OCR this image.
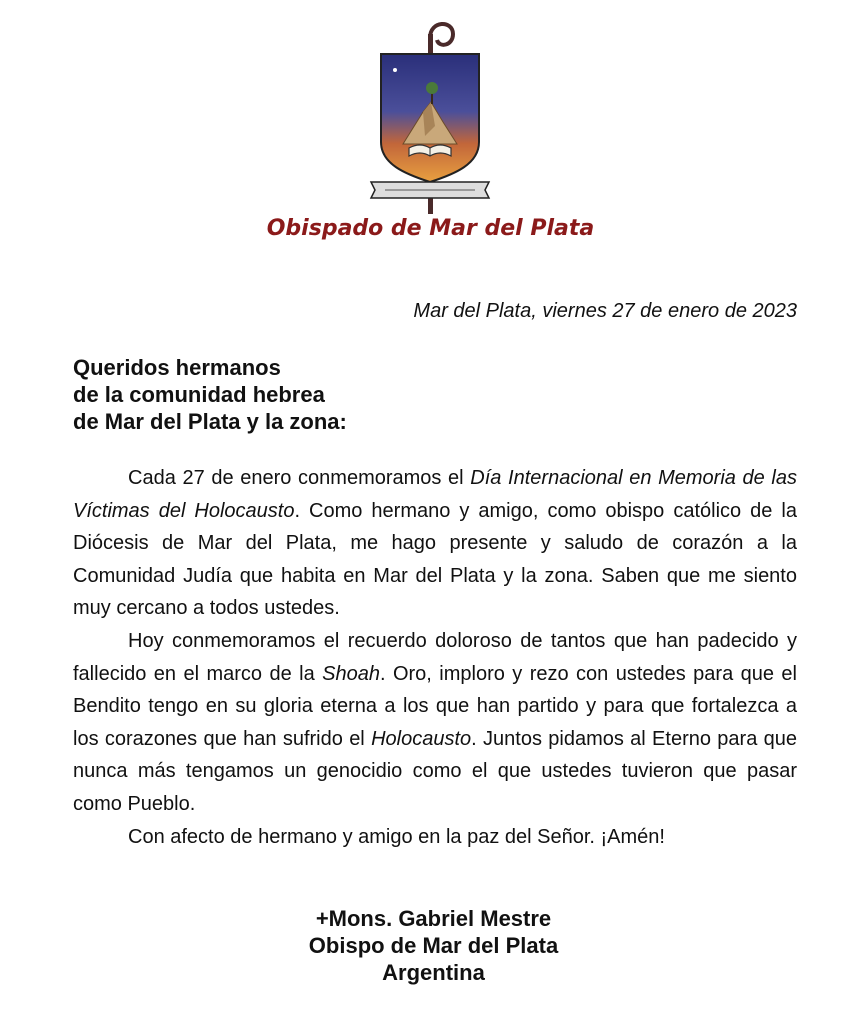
Obispado de Mar del Plata
Mar del Plata, viernes 27 de enero de 2023
Queridos hermanos
de la comunidad hebrea
de Mar del Plata y la zona:

Cada 27 de enero conmemoramos el Día Internacional en Memoria de las Víctimas del Holocausto. Como hermano y amigo, como obispo católico de la Diócesis de Mar del Plata, me hago presente y saludo de corazón a la Comunidad Judía que habita en Mar del Plata y la zona. Saben que me siento muy cercano a todos ustedes.

Hoy conmemoramos el recuerdo doloroso de tantos que han padecido y fallecido en el marco de la Shoah. Oro, imploro y rezo con ustedes para que el Bendito tengo en su gloria eterna a los que han partido y para que fortalezca a los corazones que han sufrido el Holocausto. Juntos pidamos al Eterno para que nunca más tengamos un genocidio como el que ustedes tuvieron que pasar como Pueblo.

Con afecto de hermano y amigo en la paz del Señor. ¡Amén!

+Mons. Gabriel Mestre
Obispo de Mar del Plata
Argentina
